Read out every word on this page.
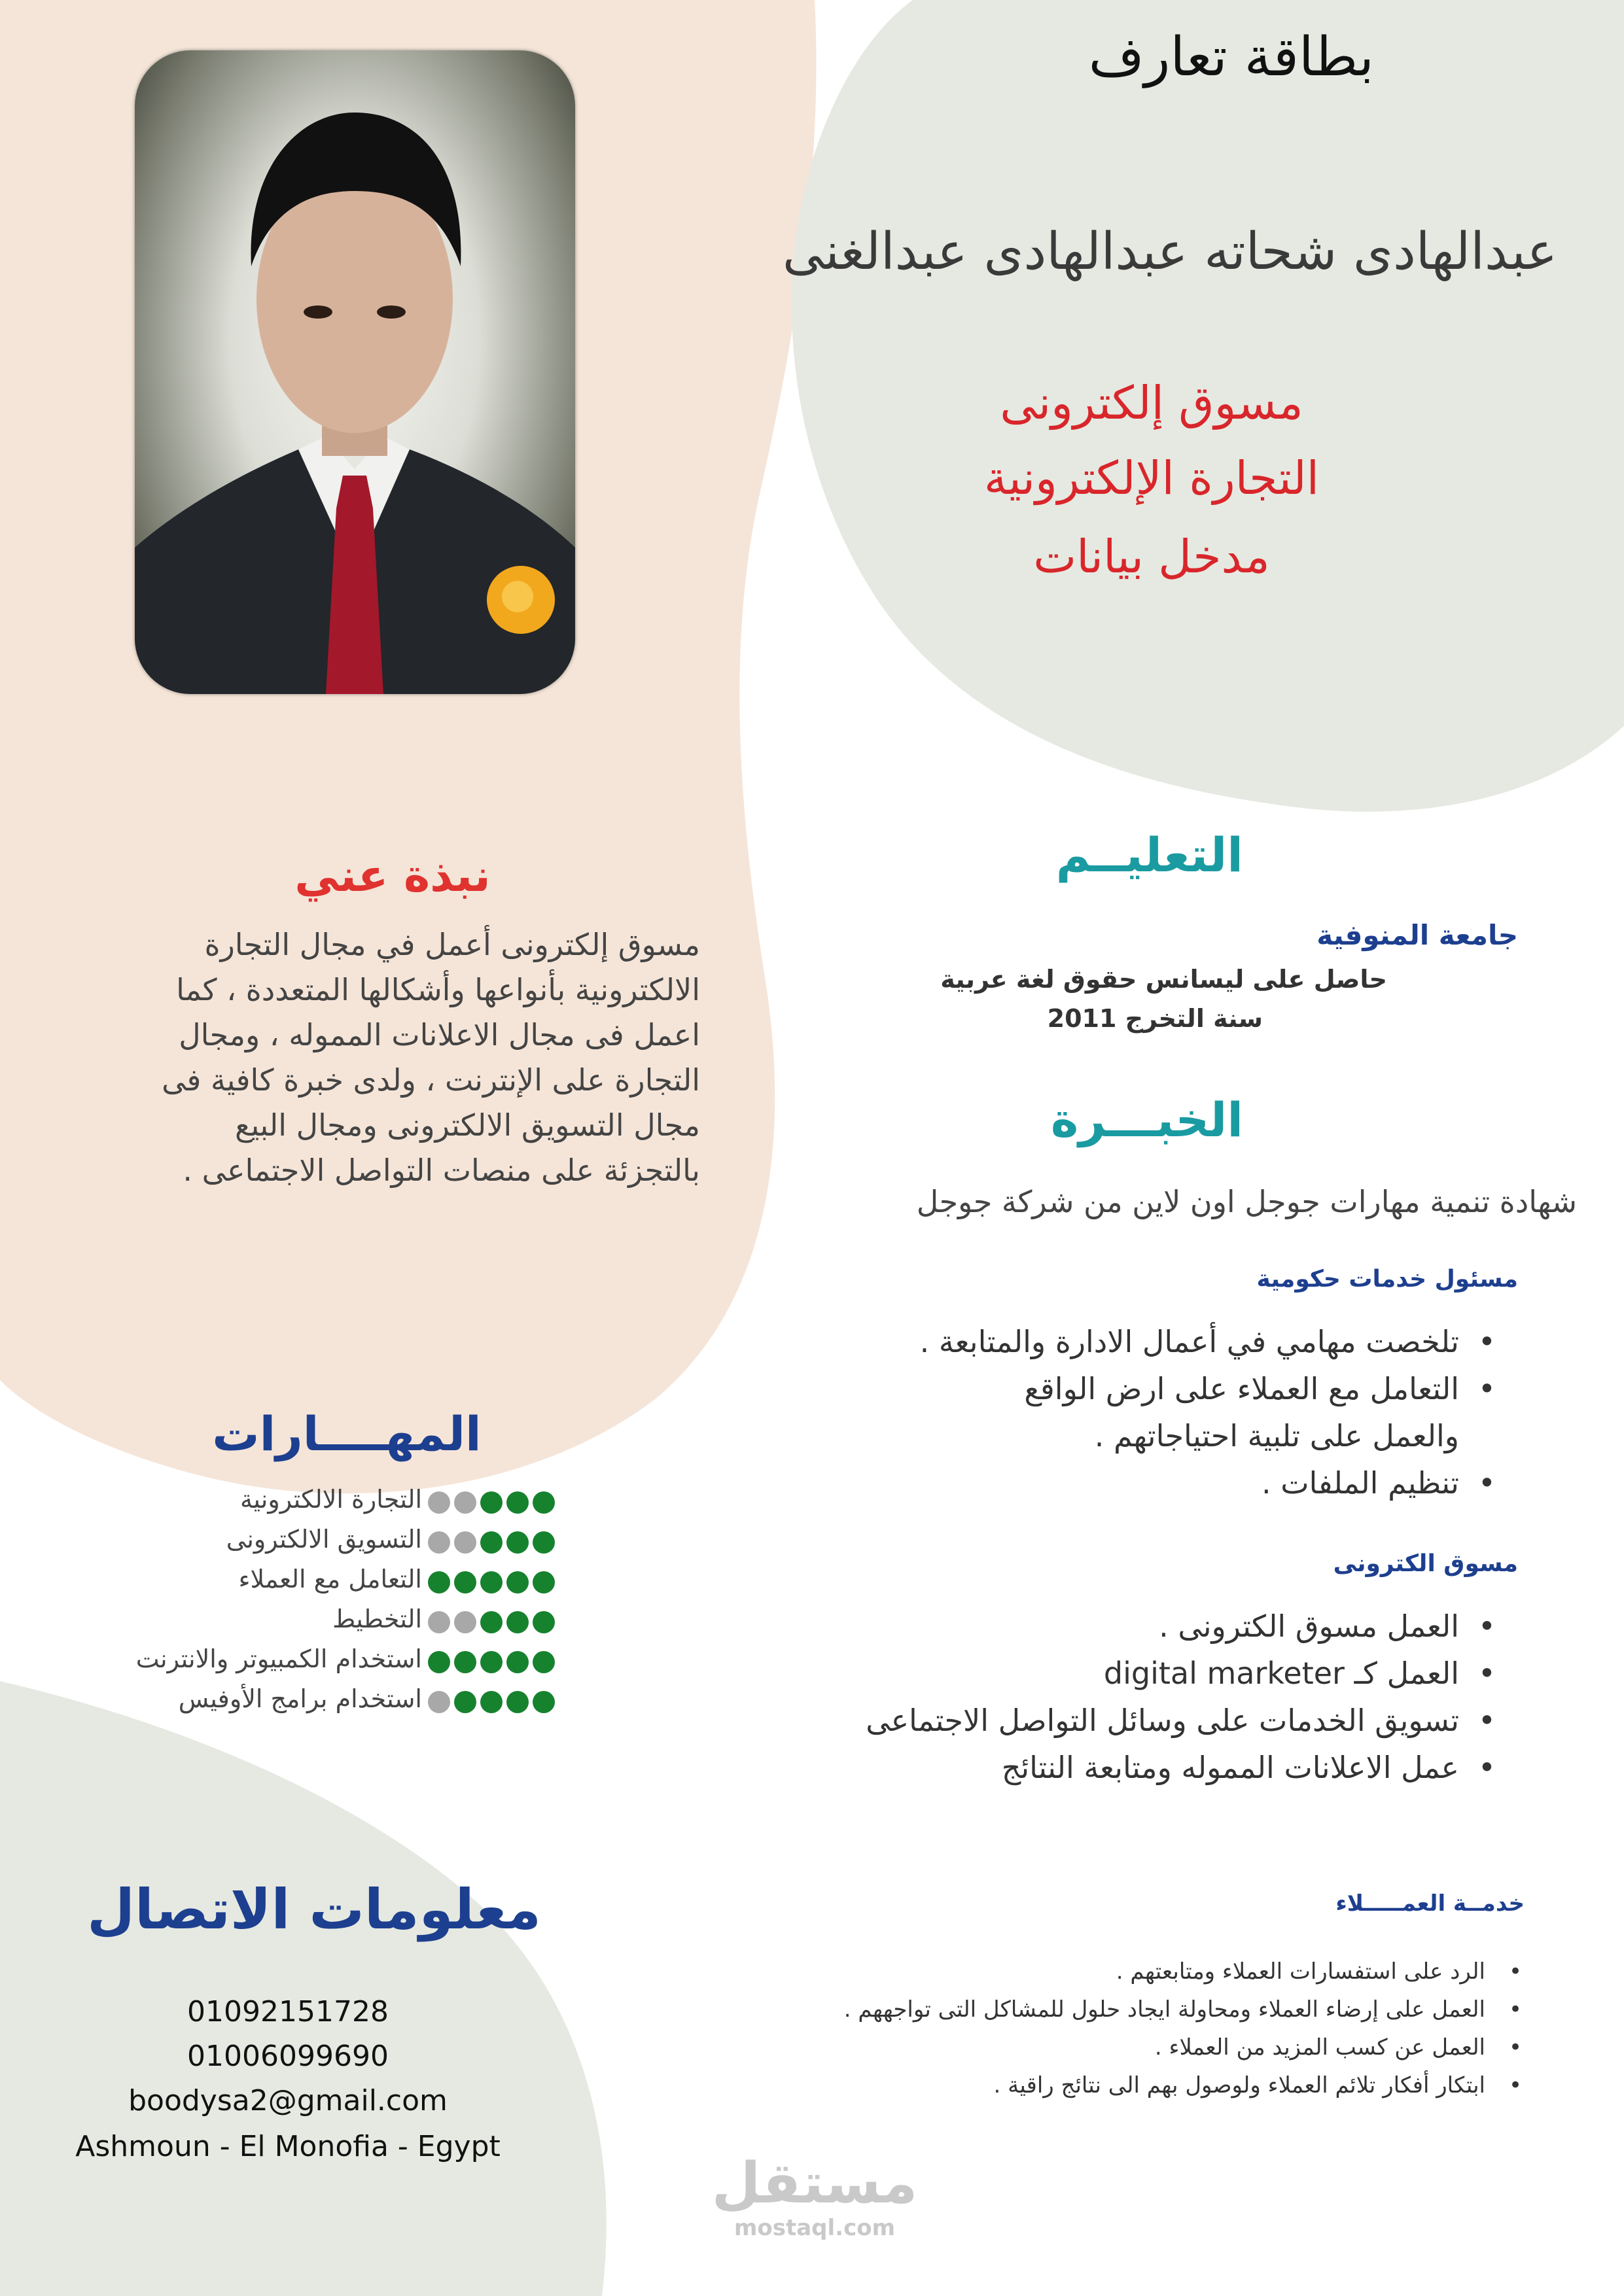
بطاقة تعارف
عبدالهادى شحاته عبدالهادى عبدالغنى
مسوق إلكترونى
التجارة الإلكترونية
مدخل بيانات
نبذة عني
مسوق إلكترونى أعمل في مجال التجارة
الالكترونية بأنواعها وأشكالها المتعددة ، كما
اعمل فى مجال الاعلانات المموله ، ومجال
التجارة على الإنترنت ، ولدى خبرة كافية فى
مجال التسويق الالكترونى ومجال البيع
بالتجزئة على منصات التواصل الاجتماعى .
التعليــم
جامعة المنوفية
حاصل على ليسانس حقوق لغة عربية
سنة التخرج 2011
الخبـــرة
شهادة تنمية مهارات جوجل اون لاين من شركة جوجل
مسئول خدمات حكومية
• تلخصت مهامي في أعمال الادارة والمتابعة .
• التعامل مع العملاء على ارض الواقع
والعمل على تلبية احتياجاتهم .
• تنظيم الملفات .
مسوق الكترونى
• العمل مسوق الكترونى .
• العمل كـ digital marketer
• تسويق الخدمات على وسائل التواصل الاجتماعى
• عمل الاعلانات المموله ومتابعة النتائج
خدمــة العمـــــلاء
• الرد على استفسارات العملاء ومتابعتهم .
• العمل على إرضاء العملاء ومحاولة ايجاد حلول للمشاكل التى تواجههم .
• العمل عن كسب المزيد من العملاء .
• ابتكار أفكار تلائم العملاء ولوصول بهم الى نتائج راقية .
المهــــارات
التجارة الالكترونية
التسويق الالكترونى
التعامل مع العملاء
التخطيط
استخدام الكمبيوتر والانترنت
استخدام برامج الأوفيس
معلومات الاتصال
01092151728
01006099690
boodysa2@gmail.com
Ashmoun - El Monofia - Egypt
مستقل
mostaql.com
